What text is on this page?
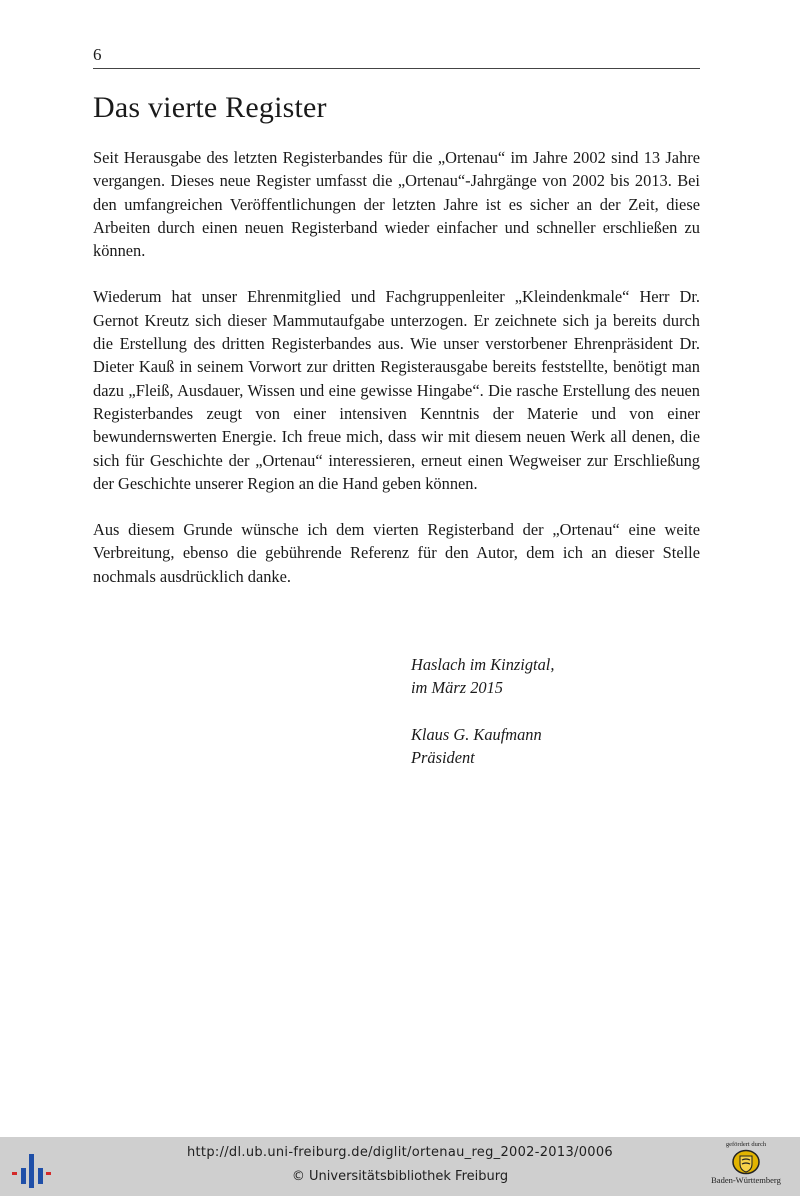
6
Das vierte Register

Seit Herausgabe des letzten Registerbandes für die „Ortenau“ im Jahre 2002 sind 13 Jahre vergangen. Dieses neue Register umfasst die „Ortenau“-Jahrgänge von 2002 bis 2013. Bei den umfangreichen Veröffentlichungen der letzten Jahre ist es sicher an der Zeit, diese Arbeiten durch einen neuen Registerband wieder einfacher und schneller erschließen zu können.

Wiederum hat unser Ehrenmitglied und Fachgruppenleiter „Kleindenkmale“ Herr Dr. Gernot Kreutz sich dieser Mammutaufgabe unterzogen. Er zeichnete sich ja bereits durch die Erstellung des dritten Registerbandes aus. Wie unser verstorbener Ehrenpräsident Dr. Dieter Kauß in seinem Vorwort zur dritten Registerausgabe bereits feststellte, benötigt man dazu „Fleiß, Ausdauer, Wissen und eine gewisse Hingabe“. Die rasche Erstellung des neuen Registerbandes zeugt von einer intensiven Kenntnis der Materie und von einer bewundernswerten Energie. Ich freue mich, dass wir mit diesem neuen Werk all denen, die sich für Geschichte der „Ortenau“ interessieren, erneut einen Wegweiser zur Erschließung der Geschichte unserer Region an die Hand geben können.

Aus diesem Grunde wünsche ich dem vierten Registerband der „Ortenau“ eine weite Verbreitung, ebenso die gebührende Referenz für den Autor, dem ich an dieser Stelle nochmals ausdrücklich danke.

Haslach im Kinzigtal,
im März 2015
Klaus G. Kaufmann
Präsident
http://dl.ub.uni-freiburg.de/diglit/ortenau_reg_2002-2013/0006
© Universitätsbibliothek Freiburg
gefördert durch
Baden-Württemberg
